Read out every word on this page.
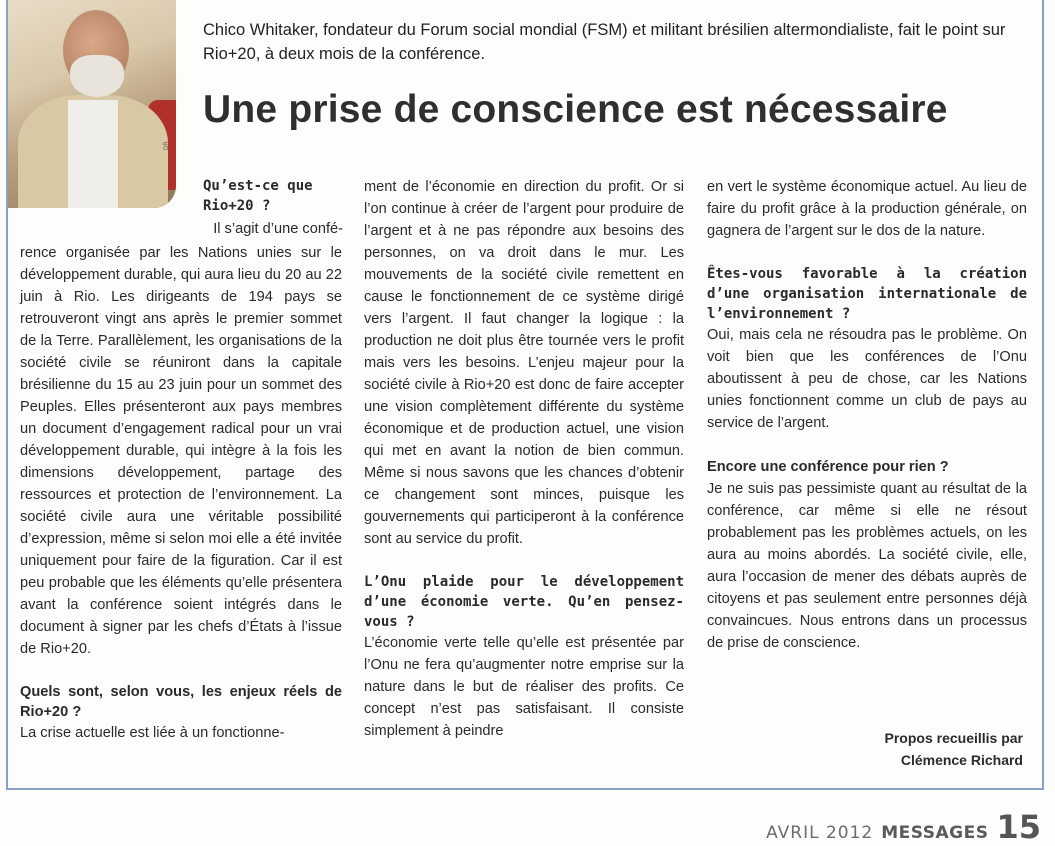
DR
Chico Whitaker, fondateur du Forum social mondial (FSM) et militant brésilien altermondialiste, fait le point sur Rio+20, à deux mois de la conférence.
Une prise de conscience est nécessaire

Qu’est-ce que Rio+20 ?

Il s’agit d’une confé-

rence organisée par les Nations unies sur le développement durable, qui aura lieu du 20 au 22 juin à Rio. Les dirigeants de 194 pays se retrouveront vingt ans après le premier sommet de la Terre. Parallèlement, les organisations de la société civile se réuniront dans la capitale brésilienne du 15 au 23 juin pour un sommet des Peuples. Elles présenteront aux pays membres un document d’engagement radical pour un vrai développement durable, qui intègre à la fois les dimensions développement, partage des ressources et protection de l’environnement. La société civile aura une véritable possibilité d’expression, même si selon moi elle a été invitée uniquement pour faire de la figuration. Car il est peu probable que les éléments qu’elle présentera avant la conférence soient intégrés dans le document à signer par les chefs d’États à l’issue de Rio+20.

Quels sont, selon vous, les enjeux réels de Rio+20 ?

La crise actuelle est liée à un fonctionne-

ment de l’économie en direction du profit. Or si l’on continue à créer de l’argent pour produire de l’argent et à ne pas répondre aux besoins des personnes, on va droit dans le mur. Les mouvements de la société civile remettent en cause le fonctionnement de ce système dirigé vers l’argent. Il faut changer la logique : la production ne doit plus être tournée vers le profit mais vers les besoins. L’enjeu majeur pour la société civile à Rio+20 est donc de faire accepter une vision complètement différente du système économique et de production actuel, une vision qui met en avant la notion de bien commun. Même si nous savons que les chances d’obtenir ce changement sont minces, puisque les gouvernements qui participeront à la conférence sont au service du profit.

L’Onu plaide pour le développement d’une économie verte. Qu’en pensez-vous ?

L’économie verte telle qu’elle est présentée par l’Onu ne fera qu’augmenter notre emprise sur la nature dans le but de réaliser des profits. Ce concept n’est pas satisfaisant. Il consiste simplement à peindre

en vert le système économique actuel. Au lieu de faire du profit grâce à la production générale, on gagnera de l’argent sur le dos de la nature.

Êtes-vous favorable à la création d’une organisation internationale de l’environnement ?

Oui, mais cela ne résoudra pas le problème. On voit bien que les conférences de l’Onu aboutissent à peu de chose, car les Nations unies fonctionnent comme un club de pays au service de l’argent.

Encore une conférence pour rien ?

Je ne suis pas pessimiste quant au résultat de la conférence, car même si elle ne résout probablement pas les problèmes actuels, on les aura au moins abordés. La société civile, elle, aura l’occasion de mener des débats auprès de citoyens et pas seulement entre personnes déjà convaincues. Nous entrons dans un processus de prise de conscience.

Propos recueillis par
Clémence Richard
AVRIL 2012 MESSAGES 15
